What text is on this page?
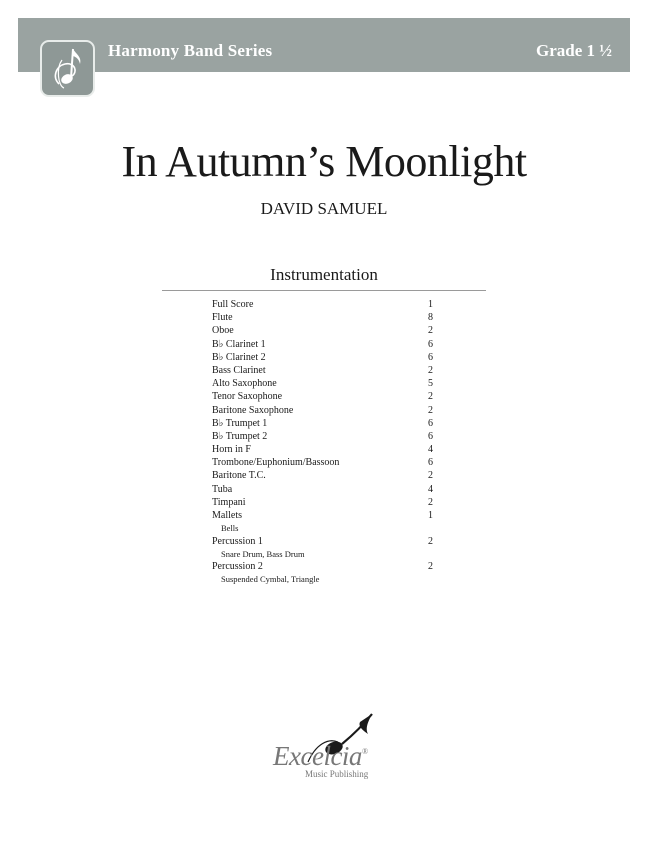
Harmony Band Series	Grade 1 ½
In Autumn’s Moonlight
DAVID SAMUEL
Instrumentation
Full Score	1
Flute	8
Oboe	2
B♭ Clarinet 1	6
B♭ Clarinet 2	6
Bass Clarinet	2
Alto Saxophone	5
Tenor Saxophone	2
Baritone Saxophone	2
B♭ Trumpet 1	6
B♭ Trumpet 2	6
Horn in F	4
Trombone/Euphonium/Bassoon	6
Baritone T.C.	2
Tuba	4
Timpani	2
Mallets	1
Bells
Percussion 1	2
Snare Drum, Bass Drum
Percussion 2	2
Suspended Cymbal, Triangle
Excelcia®
Music Publishing
